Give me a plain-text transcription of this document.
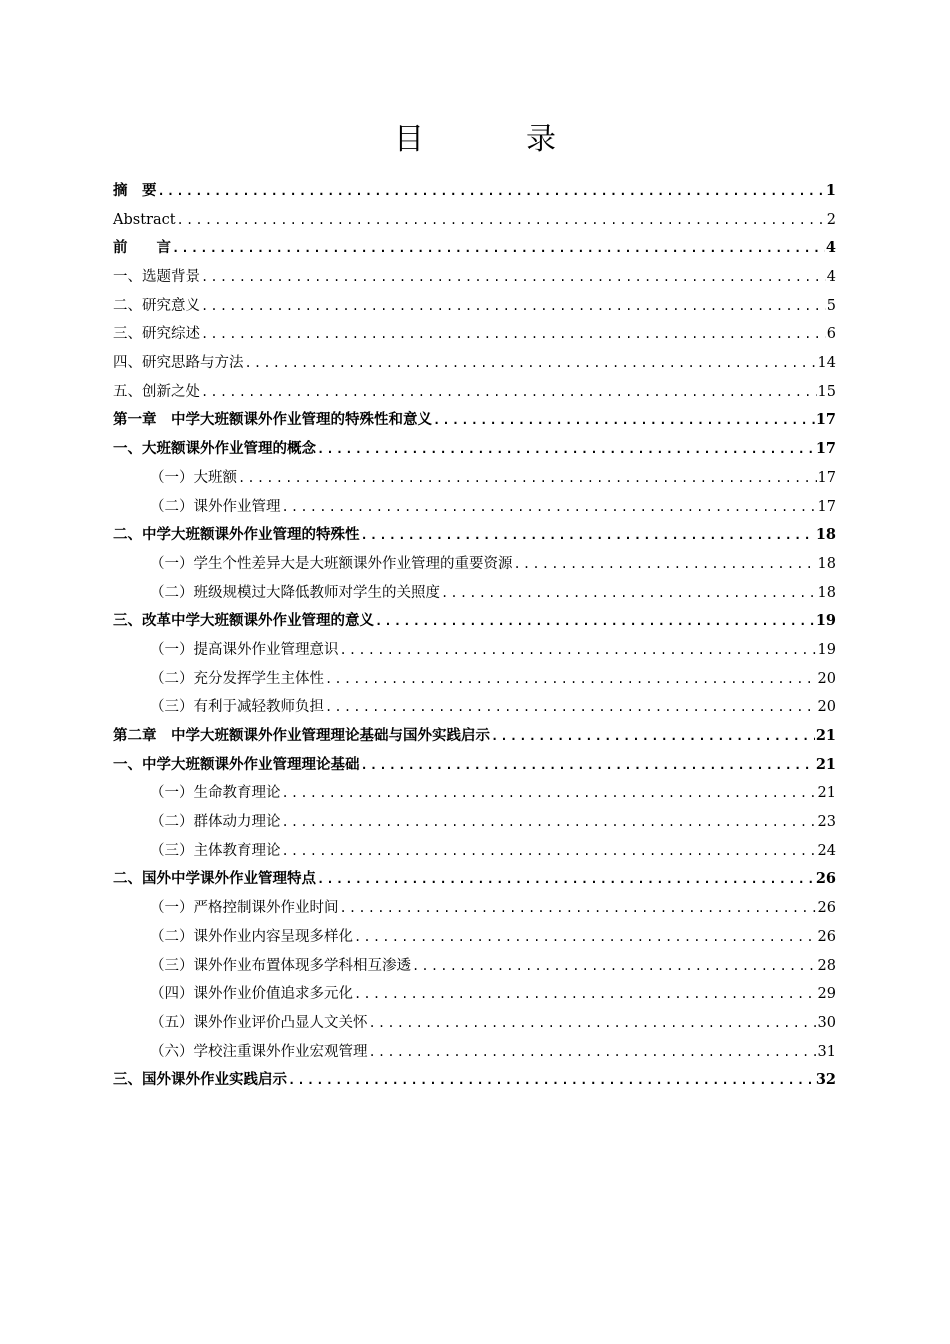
目　录
摘　要 .....	1
Abstract .....	2
前　　言 .....	4
一、选题背景 .....	4
二、研究意义 .....	5
三、研究综述 .....	6
四、研究思路与方法 .....	14
五、创新之处 .....	15
第一章　中学大班额课外作业管理的特殊性和意义 .....	17
一、大班额课外作业管理的概念 .....	17
（一）大班额 .....	17
（二）课外作业管理 .....	17
二、中学大班额课外作业管理的特殊性 .....	18
（一）学生个性差异大是大班额课外作业管理的重要资源 .....	18
（二）班级规模过大降低教师对学生的关照度 .....	18
三、改革中学大班额课外作业管理的意义 .....	19
（一）提高课外作业管理意识 .....	19
（二）充分发挥学生主体性 .....	20
（三）有利于减轻教师负担 .....	20
第二章　中学大班额课外作业管理理论基础与国外实践启示 .....	21
一、中学大班额课外作业管理理论基础 .....	21
（一）生命教育理论 .....	21
（二）群体动力理论 .....	23
（三）主体教育理论 .....	24
二、国外中学课外作业管理特点 .....	26
（一）严格控制课外作业时间 .....	26
（二）课外作业内容呈现多样化 .....	26
（三）课外作业布置体现多学科相互渗透 .....	28
（四）课外作业价值追求多元化 .....	29
（五）课外作业评价凸显人文关怀 .....	30
（六）学校注重课外作业宏观管理 .....	31
三、国外课外作业实践启示 .....	32
